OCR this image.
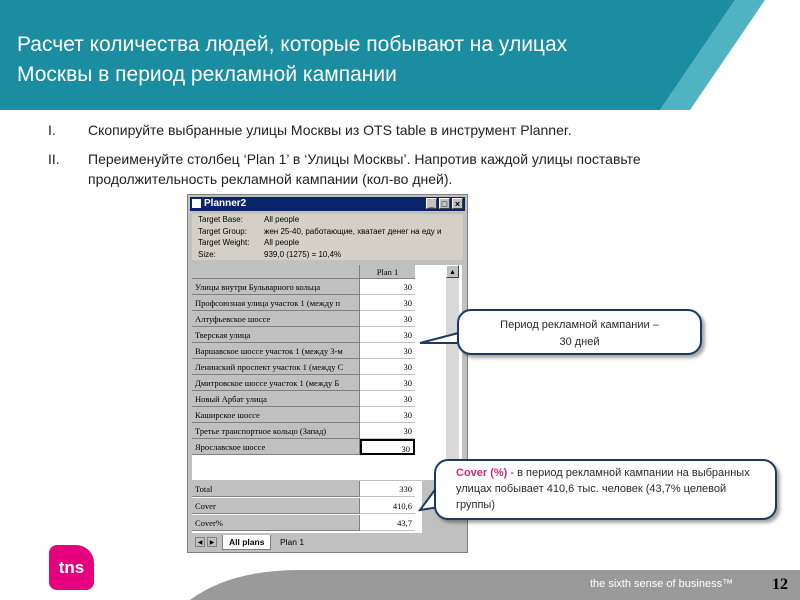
Расчет количества людей, которые побывают на улицах
Москвы в период рекламной кампании
I. Скопируйте выбранные улицы Москвы из OTS table в инструмент Planner.
II. Переименуйте столбец ‘Plan 1’ в ‘Улицы Москвы’. Напротив каждой улицы поставьте продолжительность рекламной кампании (кол-во дней).
Planner2	_ □ ×
Target Base:	All people
Target Group: жен 25-40, работающие, хватает денег на еду и
Target Weight: All people
Size:	939,0 (1275) = 10,4%
Plan 1
Улицы внутри Бульварного кольца	30
Профсоюзная улица участок 1 (между п	30
Алтуфьевское шоссе	30
Тверская улица	30
Варшавское шоссе участок 1 (между 3-м	30
Ленинский проспект участок 1 (между С	30
Дмитровское шоссе участок 1 (между Б	30
Новый Арбат улица	30
Каширское шоссе	30
Третье транспортное кольцо (Запад)	30
Ярославское шоссе	30
▲
Total	330
Cover	410,6
Cover%	43,7
◀	▶	All plans	Plan 1
Период рекламной кампании –
30 дней
Cover (%) - в период рекламной кампании на выбранных улицах побывает 410,6 тыс. человек (43,7% целевой группы)
tns
the sixth sense of business™ 12
